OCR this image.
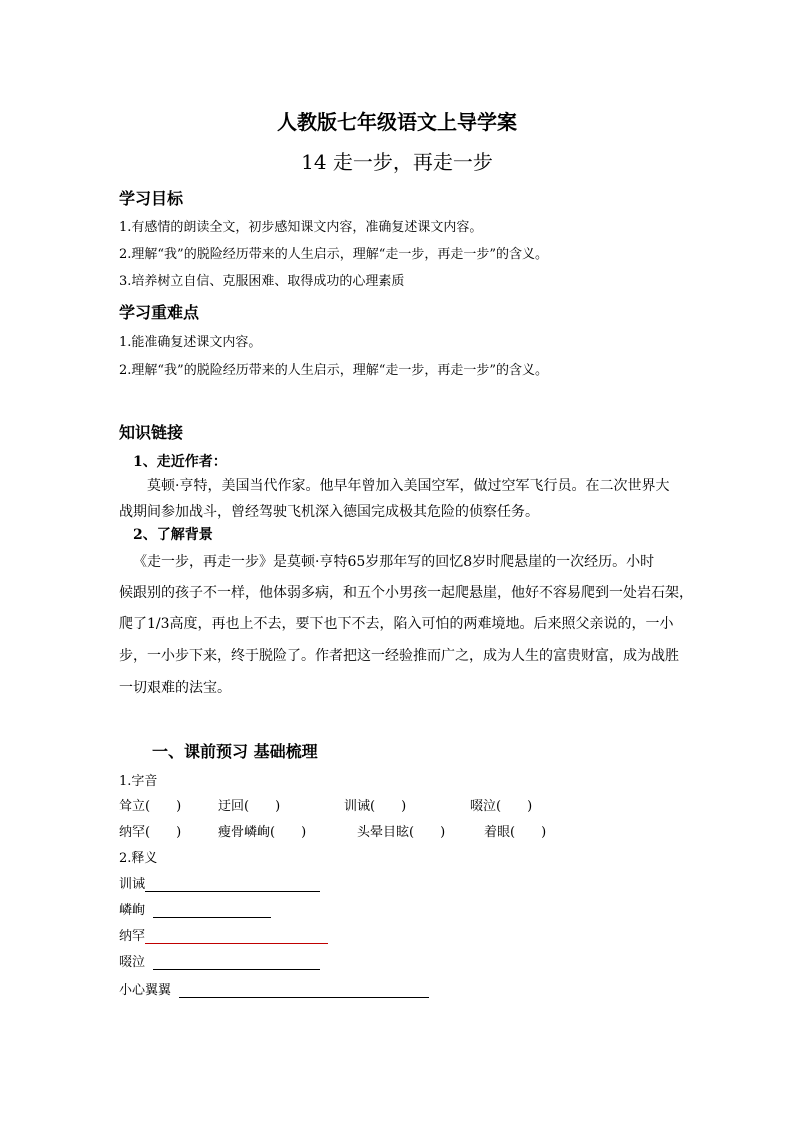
人教版七年级语文上导学案
14 走一步，再走一步
学习目标
1.有感情的朗读全文，初步感知课文内容，准确复述课文内容。
2.理解“我”的脱险经历带来的人生启示，理解“走一步，再走一步”的含义。
3.培养树立自信、克服困难、取得成功的心理素质
学习重难点
1.能准确复述课文内容。
2.理解“我”的脱险经历带来的人生启示，理解“走一步，再走一步”的含义。
知识链接
1、走近作者：
莫顿·亨特，美国当代作家。他早年曾加入美国空军，做过空军飞行员。在二次世界大
战期间参加战斗，曾经驾驶飞机深入德国完成极其危险的侦察任务。
2、了解背景
《走一步，再走一步》是莫顿·亨特65岁那年写的回忆8岁时爬悬崖的一次经历。小时
候跟别的孩子不一样，他体弱多病，和五个小男孩一起爬悬崖，他好不容易爬到一处岩石架，
爬了1/3高度，再也上不去，要下也下不去，陷入可怕的两难境地。后来照父亲说的，一小
步，一小步下来，终于脱险了。作者把这一经验推而广之，成为人生的富贵财富，成为战胜
一切艰难的法宝。
一、课前预习 基础梳理
1.字音
耸立(　　)	迂回(　　)	训诫(　　)	啜泣(　　)
纳罕(　　)	瘦骨嶙峋(　　)	头晕目眩(　　)	着眼(　　)
2.释义
训诫
嶙峋
纳罕
啜泣
小心翼翼
